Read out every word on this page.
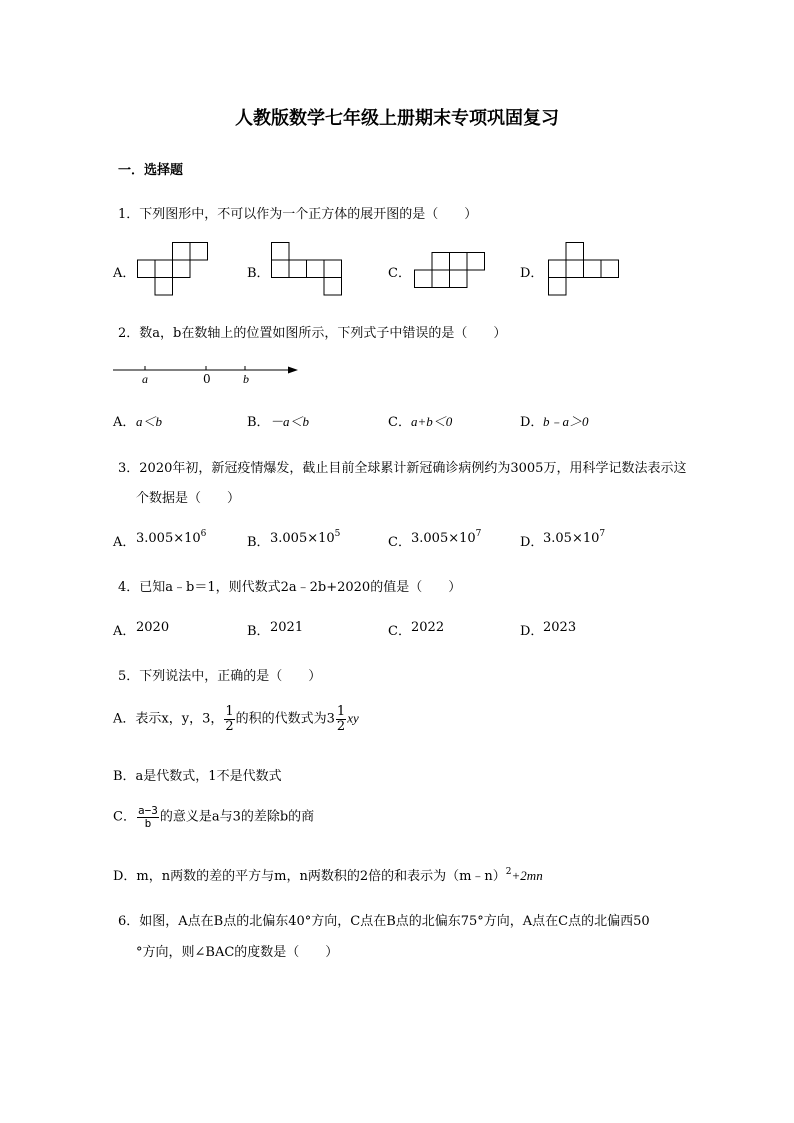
人教版数学七年级上册期末专项巩固复习
一．选择题
1．下列图形中，不可以作为一个正方体的展开图的是（　　）
A．	B．	C．	D．
2．数a，b在数轴上的位置如图所示，下列式子中错误的是（　　）
a	0	b
A． a＜b	B． －a＜b	C． a+b＜0	D． b﹣a＞0
3．2020年初，新冠疫情爆发，截止目前全球累计新冠确诊病例约为3005万，用科学记数法表示这
个数据是（　　）
A． $3.005\times 10^6$
B． $3.005\times 10^5$
C． $3.005\times 10^7$
D． $3.05\times 10^7$
4．已知a﹣b＝1，则代数式2a﹣2b+2020的值是（　　）
A． 2020	B． 2021	C． 2022	D． 2023
5．下列说法中，正确的是（　　）
A．表示x，y，3， $\frac{1}{2}$ 的积的代数式为$3 \frac{1}{2}$ xy
B．a是代数式，1不是代数式
C． $\frac{a-3}{b}$ 的意义是a与3的差除b的商
D．m，n两数的差的平方与m，n两数积的2倍的和表示为（m﹣n）$^2$+2mn
6．如图，A点在B点的北偏东40°方向，C点在B点的北偏东75°方向，A点在C点的北偏西50
°方向，则∠BAC的度数是（　　）
